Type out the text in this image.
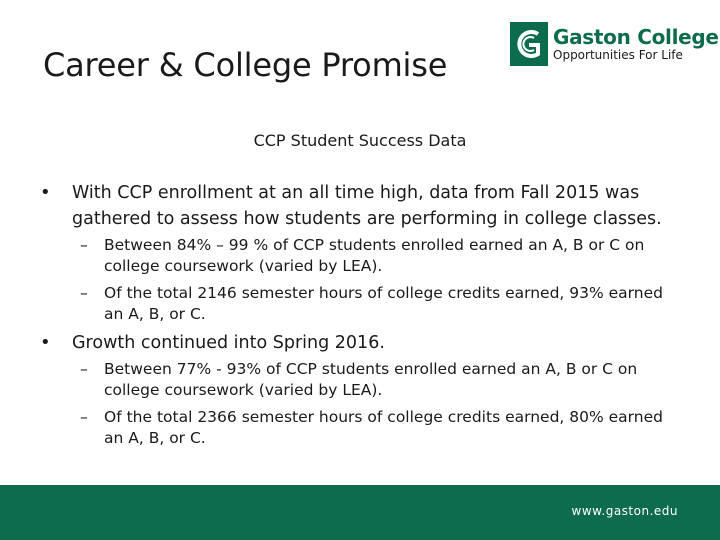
Career & College Promise
Gaston College
Opportunities For Life
CCP Student Success Data
• With CCP enrollment at an all time high, data from Fall 2015 was gathered to assess how students are performing in college classes.
– Between 84% – 99 % of CCP students enrolled earned an A, B or C on college coursework (varied by LEA).
– Of the total 2146 semester hours of college credits earned, 93% earned an A, B, or C.
• Growth continued into Spring 2016.
– Between 77% - 93% of CCP students enrolled earned an A, B or C on college coursework (varied by LEA).
– Of the total 2366 semester hours of college credits earned, 80% earned an A, B, or C.
www.gaston.edu
